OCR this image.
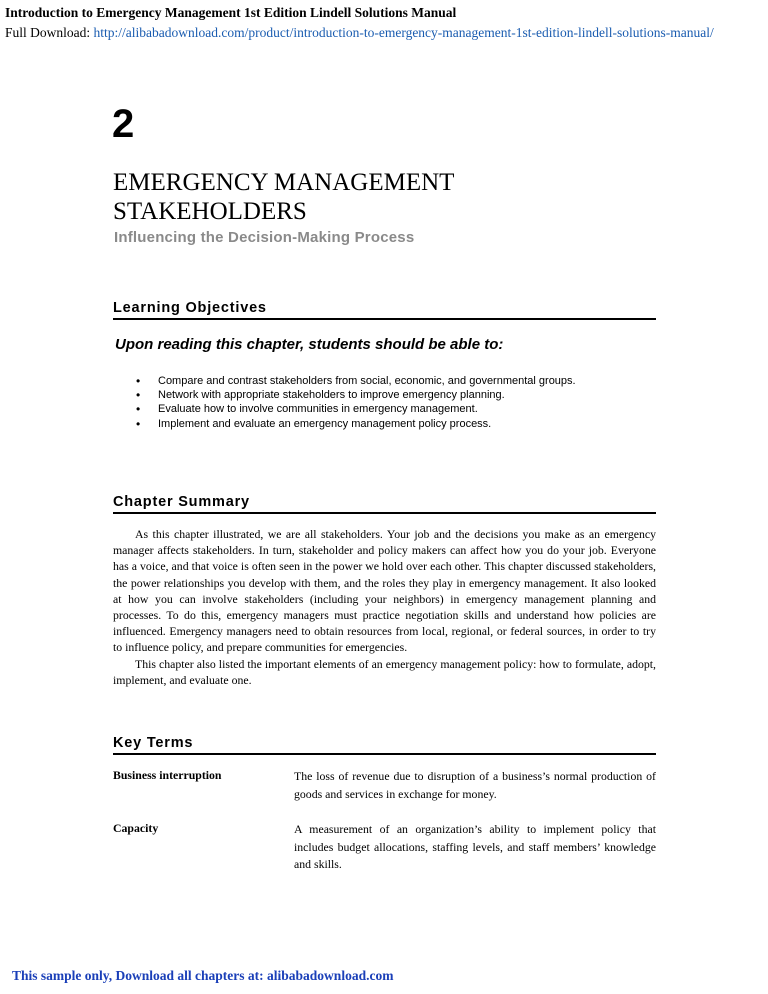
Introduction to Emergency Management 1st Edition Lindell Solutions Manual
Full Download: http://alibabadownload.com/product/introduction-to-emergency-management-1st-edition-lindell-solutions-manual/
2
EMERGENCY MANAGEMENT
STAKEHOLDERS
Influencing the Decision-Making Process
Learning Objectives
Upon reading this chapter, students should be able to:
• Compare and contrast stakeholders from social, economic, and governmental groups.
• Network with appropriate stakeholders to improve emergency planning.
• Evaluate how to involve communities in emergency management.
• Implement and evaluate an emergency management policy process.
Chapter Summary

As this chapter illustrated, we are all stakeholders. Your job and the decisions you make as an emergency manager affects stakeholders. In turn, stakeholder and policy makers can affect how you do your job. Everyone has a voice, and that voice is often seen in the power we hold over each other. This chapter discussed stakeholders, the power relationships you develop with them, and the roles they play in emergency management. It also looked at how you can involve stakeholders (including your neighbors) in emergency management planning and processes. To do this, emergency managers must practice negotiation skills and understand how policies are influenced. Emergency managers need to obtain resources from local, regional, or federal sources, in order to try to influence policy, and prepare communities for emergencies.

This chapter also listed the important elements of an emergency management policy: how to formulate, adopt, implement, and evaluate one.

Key Terms
Business interruption	The loss of revenue due to disruption of a business’s normal production of goods and services in exchange for money.
Capacity	A measurement of an organization’s ability to implement policy that includes budget allocations, staffing levels, and staff members’ knowledge and skills.
This sample only, Download all chapters at: alibabadownload.com
